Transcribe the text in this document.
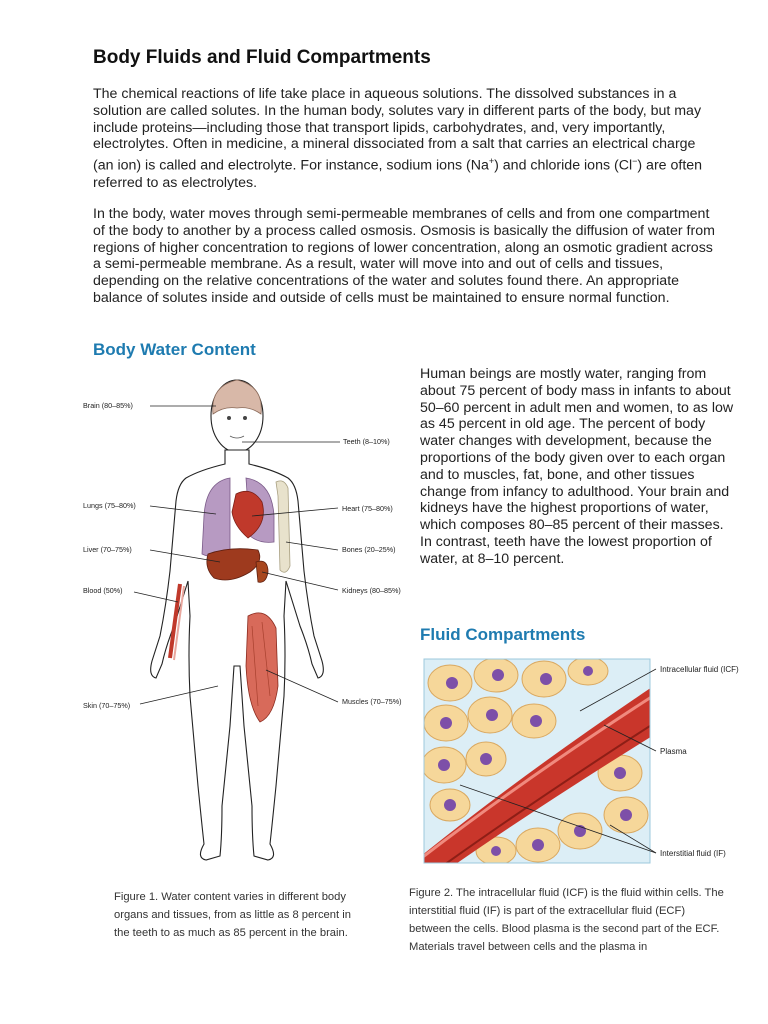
Body Fluids and Fluid Compartments

The chemical reactions of life take place in aqueous solutions. The dissolved substances in a solution are called solutes. In the human body, solutes vary in different parts of the body, but may include proteins—including those that transport lipids, carbohydrates, and, very importantly, electrolytes. Often in medicine, a mineral dissociated from a salt that carries an electrical charge (an ion) is called and electrolyte. For instance, sodium ions (Na+) and chloride ions (Cl−) are often referred to as electrolytes.

In the body, water moves through semi-permeable membranes of cells and from one compartment of the body to another by a process called osmosis. Osmosis is basically the diffusion of water from regions of higher concentration to regions of lower concentration, along an osmotic gradient across a semi-permeable membrane. As a result, water will move into and out of cells and tissues, depending on the relative concentrations of the water and solutes found there. An appropriate balance of solutes inside and outside of cells must be maintained to ensure normal function.

Body Water Content
Brain (80–85%)
Teeth (8–10%)
Lungs (75–80%)	Heart (75–80%)
Liver (70–75%)	Bones (20–25%)
Blood (50%)	Kidneys (80–85%)
Skin (70–75%)	Muscles (70–75%)

Human beings are mostly water, ranging from about 75 percent of body mass in infants to about 50–60 percent in adult men and women, to as low as 45 percent in old age. The percent of body water changes with development, because the proportions of the body given over to each organ and to muscles, fat, bone, and other tissues change from infancy to adulthood. Your brain and kidneys have the highest proportions of water, which composes 80–85 percent of their masses. In contrast, teeth have the lowest proportion of water, at 8–10 percent.

Fluid Compartments
Intracellular fluid (ICF)
Plasma
Interstitial fluid (IF)

Figure 1. Water content varies in different body organs and tissues, from as little as 8 percent in the teeth to as much as 85 percent in the brain.

Figure 2. The intracellular fluid (ICF) is the fluid within cells. The interstitial fluid (IF) is part of the extracellular fluid (ECF) between the cells. Blood plasma is the second part of the ECF. Materials travel between cells and the plasma in
